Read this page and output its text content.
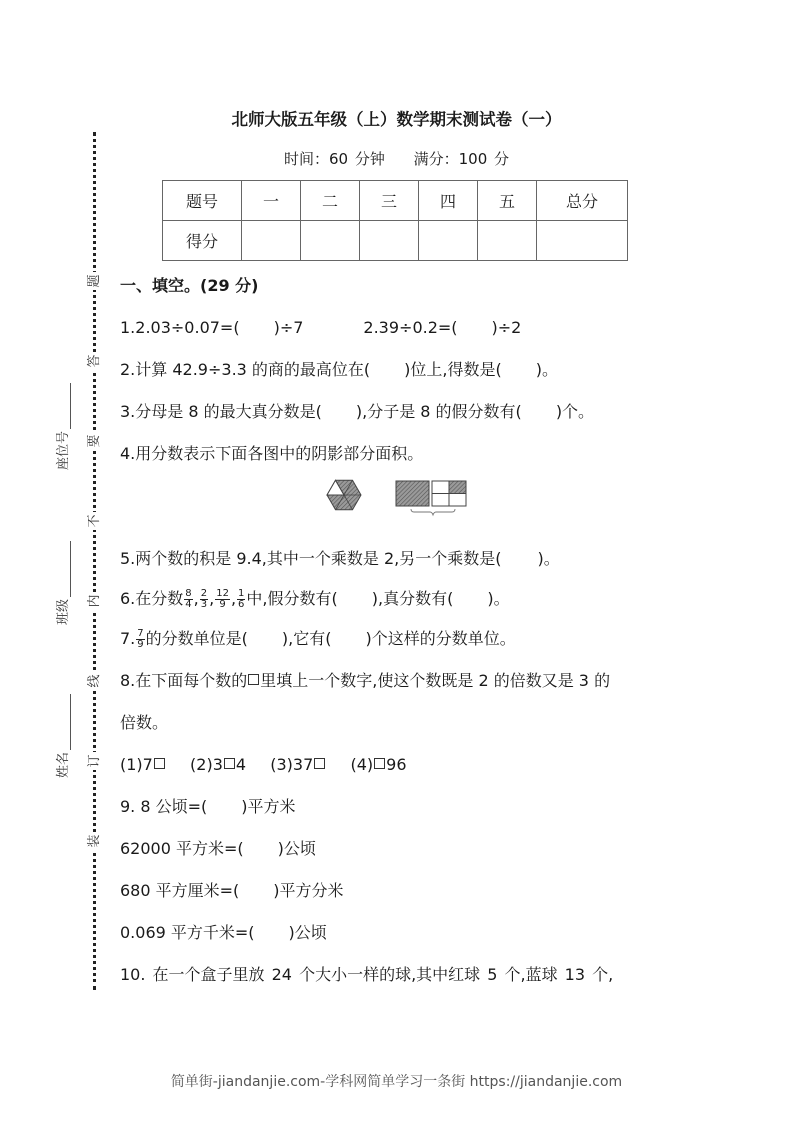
题
答
要
不
内
线
订
装
座位号
班级
姓名
北师大版五年级（上）数学期末测试卷（一）
时间：60 分钟 满分：100 分
题号	一	二	三	四	五	总分
得分						
一、填空。(29 分)
1.2.03÷0.07=( )÷7	2.39÷0.2=( )÷2
2.计算 42.9÷3.3 的商的最高位在( )位上,得数是( )。
3.分母是 8 的最大真分数是( ),分子是 8 的假分数有( )个。
4.用分数表示下面各图中的阴影部分面积。
5.两个数的积是 9.4,其中一个乘数是 2,另一个乘数是( )。
6.在分数 $\frac{8}{4}$ , $\frac{2}{3}$ , $\frac{12}{9}$ , $\frac{1}{6}$ 中,假分数有( ),真分数有( )。
7. $\frac{7}{9}$ 的分数单位是( ),它有( )个这样的分数单位。
8.在下面每个数的 里填上一个数字,使这个数既是 2 的倍数又是 3 的
倍数。
(1)7 (2)3 4 (3)37 (4) 96
9. 8 公顷=( )平方米
62000 平方米=( )公顷
680 平方厘米=( )平方分米
0.069 平方千米=( )公顷
10. 在一个盒子里放 24 个大小一样的球,其中红球 5 个,蓝球 13 个,
简单街-jiandanjie.com-学科网简单学习一条街 https://jiandanjie.com
